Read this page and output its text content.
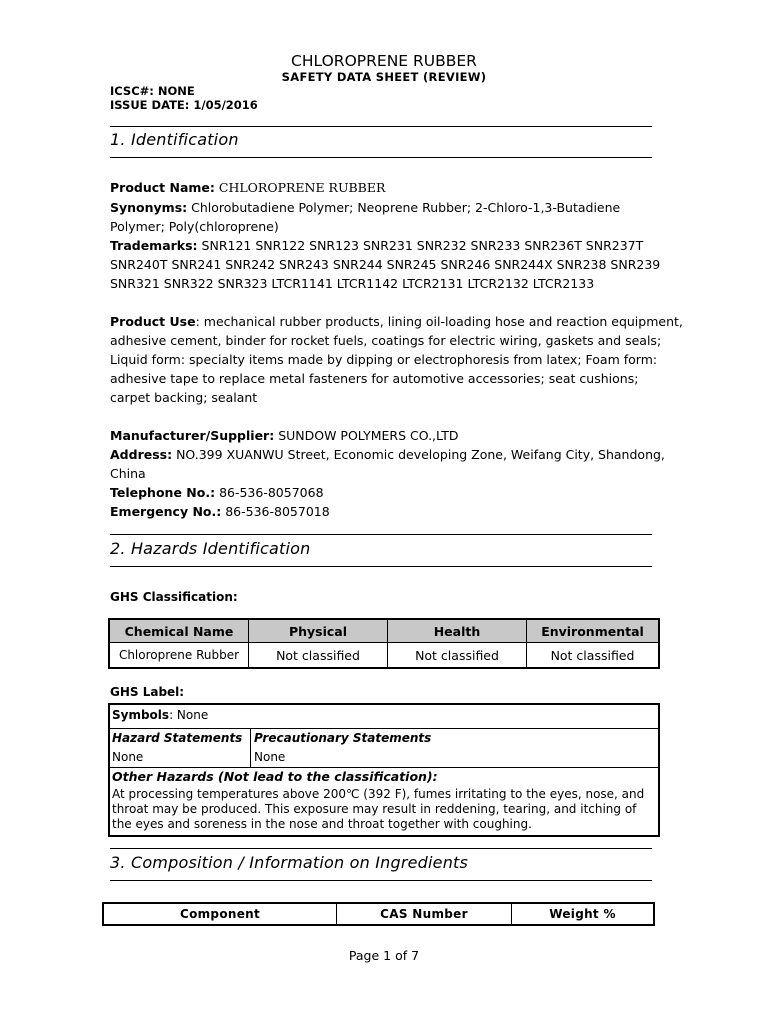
CHLOROPRENE RUBBER
SAFETY DATA SHEET (REVIEW)
ICSC#: NONE
ISSUE DATE: 1/05/2016
1. Identification
Product Name: CHLOROPRENE RUBBER
Synonyms: Chlorobutadiene Polymer; Neoprene Rubber; 2-Chloro-1,3-Butadiene
Polymer; Poly(chloroprene)
Trademarks: SNR121 SNR122 SNR123 SNR231 SNR232 SNR233 SNR236T SNR237T
SNR240T SNR241 SNR242 SNR243 SNR244 SNR245 SNR246 SNR244X SNR238 SNR239
SNR321 SNR322 SNR323 LTCR1141 LTCR1142 LTCR2131 LTCR2132 LTCR2133
Product Use: mechanical rubber products, lining oil-loading hose and reaction equipment,
adhesive cement, binder for rocket fuels, coatings for electric wiring, gaskets and seals;
Liquid form: specialty items made by dipping or electrophoresis from latex; Foam form:
adhesive tape to replace metal fasteners for automotive accessories; seat cushions;
carpet backing; sealant
Manufacturer/Supplier: SUNDOW POLYMERS CO.,LTD
Address: NO.399 XUANWU Street, Economic developing Zone, Weifang City, Shandong,
China
Telephone No.: 86-536-8057068
Emergency No.: 86-536-8057018
2. Hazards Identification
GHS Classification:
Chemical Name	Physical	Health	Environmental
Chloroprene Rubber	Not classified	Not classified	Not classified
GHS Label:
Symbols: None
Hazard Statements
None
Precautionary Statements
None
Other Hazards (Not lead to the classification):
At processing temperatures above 200℃ (392 F), fumes irritating to the eyes, nose, and
throat may be produced. This exposure may result in reddening, tearing, and itching of
the eyes and soreness in the nose and throat together with coughing.
3. Composition / Information on Ingredients
Component	CAS Number	Weight %
Page 1 of 7
